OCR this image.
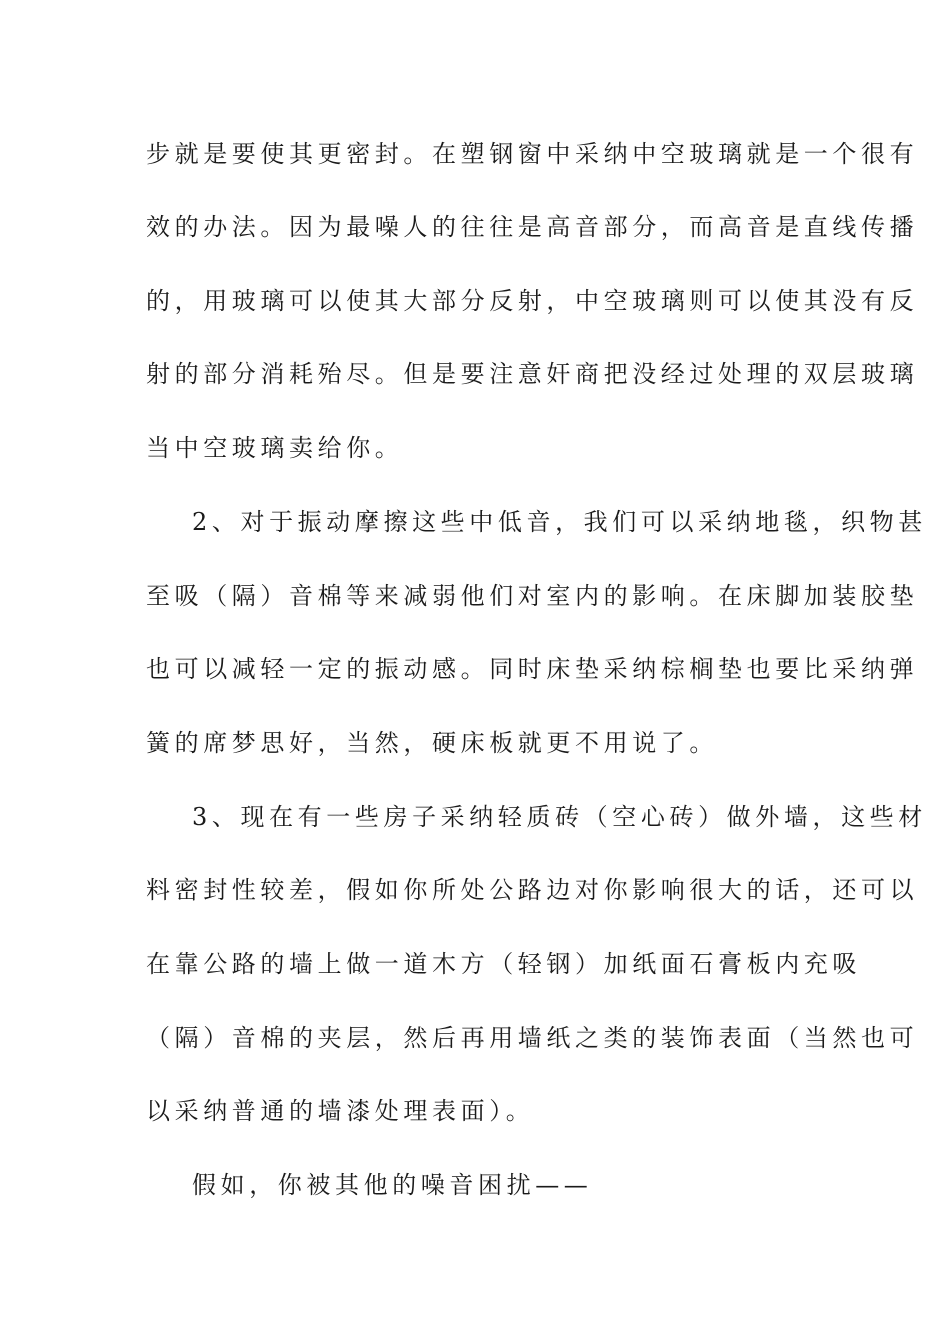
步就是要使其更密封。在塑钢窗中采纳中空玻璃就是一个很有
效的办法。因为最噪人的往往是高音部分，而高音是直线传播
的，用玻璃可以使其大部分反射，中空玻璃则可以使其没有反
射的部分消耗殆尽。但是要注意奸商把没经过处理的双层玻璃
当中空玻璃卖给你。
2、对于振动摩擦这些中低音，我们可以采纳地毯，织物甚
至吸（隔）音棉等来减弱他们对室内的影响。在床脚加装胶垫
也可以减轻一定的振动感。同时床垫采纳棕榈垫也要比采纳弹
簧的席梦思好，当然，硬床板就更不用说了。
3、现在有一些房子采纳轻质砖（空心砖）做外墙，这些材
料密封性较差，假如你所处公路边对你影响很大的话，还可以
在靠公路的墙上做一道木方（轻钢）加纸面石膏板内充吸
（隔）音棉的夹层，然后再用墙纸之类的装饰表面（当然也可
以采纳普通的墙漆处理表面）。
假如，你被其他的噪音困扰——
